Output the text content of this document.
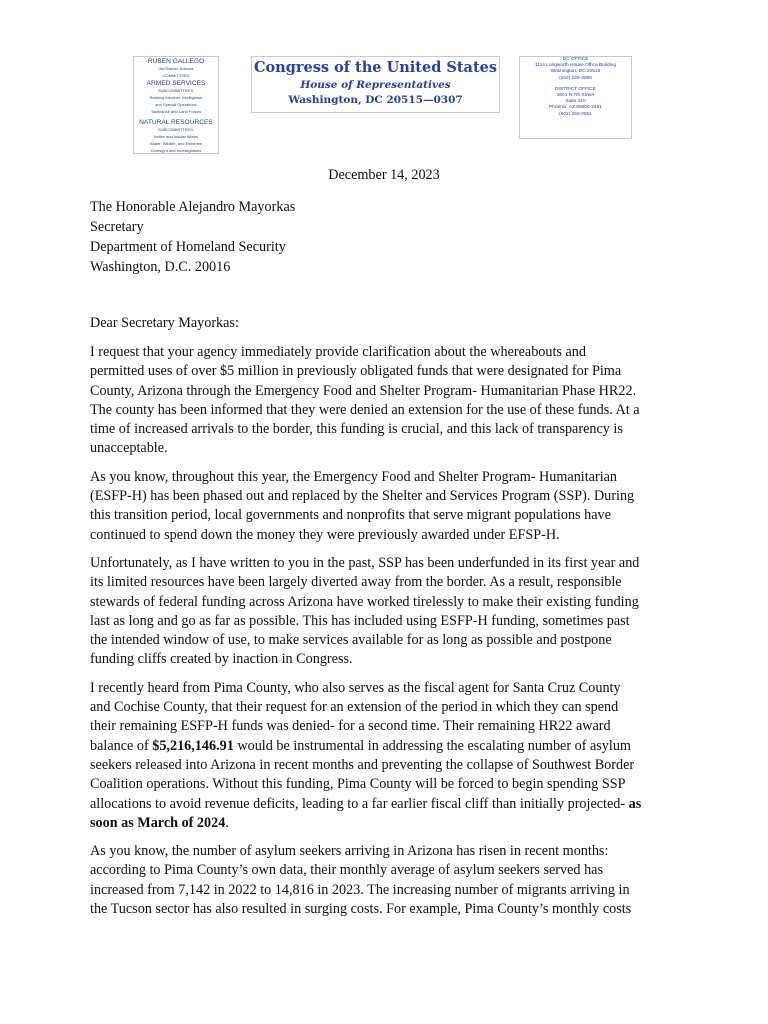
RUBEN GALLEGO
3rd District, Arizona
COMMITTEES
ARMED SERVICES
SUBCOMMITTEES:
Ranking Member, Intelligence
and Special Operations
Tactical Air and Land Forces
NATURAL RESOURCES
SUBCOMMITTEES:
Indian and Insular Affairs
Water, Wildlife, and Fisheries
Oversight and Investigations
Congress of the United States
House of Representatives
Washington, DC 20515—0307
DC OFFICE
1114 Longworth House Office Building
Washington, DC 20515
(202) 225-4065
DISTRICT OFFICE
1601 N 7th Street
Suite 310
Phoenix, AZ 85006-2461
(602) 256-0551
December 14, 2023
The Honorable Alejandro Mayorkas
Secretary
Department of Homeland Security
Washington, D.C. 20016
Dear Secretary Mayorkas:
I request that your agency immediately provide clarification about the whereabouts and
permitted uses of over $5 million in previously obligated funds that were designated for Pima
County, Arizona through the Emergency Food and Shelter Program- Humanitarian Phase HR22.
The county has been informed that they were denied an extension for the use of these funds. At a
time of increased arrivals to the border, this funding is crucial, and this lack of transparency is
unacceptable.
As you know, throughout this year, the Emergency Food and Shelter Program- Humanitarian
(ESFP-H) has been phased out and replaced by the Shelter and Services Program (SSP). During
this transition period, local governments and nonprofits that serve migrant populations have
continued to spend down the money they were previously awarded under EFSP-H.
Unfortunately, as I have written to you in the past, SSP has been underfunded in its first year and
its limited resources have been largely diverted away from the border. As a result, responsible
stewards of federal funding across Arizona have worked tirelessly to make their existing funding
last as long and go as far as possible. This has included using ESFP-H funding, sometimes past
the intended window of use, to make services available for as long as possible and postpone
funding cliffs created by inaction in Congress.
I recently heard from Pima County, who also serves as the fiscal agent for Santa Cruz County
and Cochise County, that their request for an extension of the period in which they can spend
their remaining ESFP-H funds was denied- for a second time. Their remaining HR22 award
balance of $5,216,146.91 would be instrumental in addressing the escalating number of asylum
seekers released into Arizona in recent months and preventing the collapse of Southwest Border
Coalition operations. Without this funding, Pima County will be forced to begin spending SSP
allocations to avoid revenue deficits, leading to a far earlier fiscal cliff than initially projected- as
soon as March of 2024.
As you know, the number of asylum seekers arriving in Arizona has risen in recent months:
according to Pima County’s own data, their monthly average of asylum seekers served has
increased from 7,142 in 2022 to 14,816 in 2023. The increasing number of migrants arriving in
the Tucson sector has also resulted in surging costs. For example, Pima County’s monthly costs
